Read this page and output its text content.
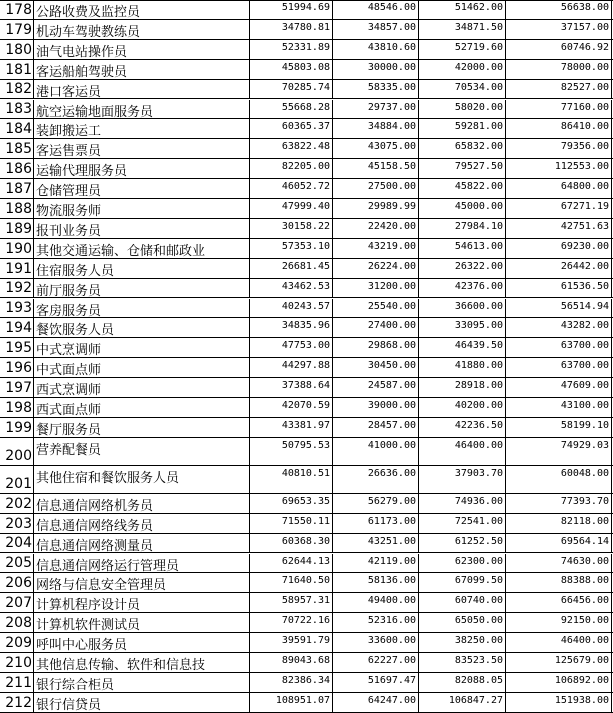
178 公路收费及监控员	51994.69	48546.00	51462.00	56638.00
179 机动车驾驶教练员	34780.81	34857.00	34871.50	37157.00
180 油气电站操作员	52331.89	43810.60	52719.60	60746.92
181 客运船舶驾驶员	45803.08	30000.00	42000.00	78000.00
182 港口客运员	70285.74	58335.00	70534.00	82527.00
183 航空运输地面服务员	55668.28	29737.00	58020.00	77160.00
184 装卸搬运工	60365.37	34884.00	59281.00	86410.00
185 客运售票员	63822.48	43075.00	65832.00	79356.00
186 运输代理服务员	82205.00	45158.50	79527.50	112553.00
187 仓储管理员	46052.72	27500.00	45822.00	64800.00
188 物流服务师	47999.40	29989.99	45000.00	67271.19
189 报刊业务员	30158.22	22420.00	27984.10	42751.63
190 其他交通运输、仓储和邮政业	57353.10	43219.00	54613.00	69230.00
191 住宿服务人员	26681.45	26224.00	26322.00	26442.00
192 前厅服务员	43462.53	31200.00	42376.00	61536.50
193 客房服务员	40243.57	25540.00	36600.00	56514.94
194 餐饮服务人员	34835.96	27400.00	33095.00	43282.00
195 中式烹调师	47753.00	29868.00	46439.50	63700.00
196 中式面点师	44297.88	30450.00	41880.00	63700.00
197 西式烹调师	37388.64	24587.00	28918.00	47609.00
198 西式面点师	42070.59	39000.00	40200.00	43100.00
199 餐厅服务员	43381.97	28457.00	42236.50	58199.10
200 营养配餐员	50795.53	41000.00	46400.00	74929.03
201 其他住宿和餐饮服务人员	40810.51	26636.00	37903.70	60048.00
202 信息通信网络机务员	69653.35	56279.00	74936.00	77393.70
203 信息通信网络线务员	71550.11	61173.00	72541.00	82118.00
204 信息通信网络测量员	60368.30	43251.00	61252.50	69564.14
205 信息通信网络运行管理员	62644.13	42119.00	62300.00	74630.00
206 网络与信息安全管理员	71640.50	58136.00	67099.50	88388.00
207 计算机程序设计员	58957.31	49400.00	60740.00	66456.00
208 计算机软件测试员	70722.16	52316.00	65050.00	92150.00
209 呼叫中心服务员	39591.79	33600.00	38250.00	46400.00
210 其他信息传输、软件和信息技	89043.68	62227.00	83523.50	125679.00
211 银行综合柜员	82386.34	51697.47	82088.05	106892.00
212 银行信贷员	108951.07	64247.00	106847.27	151938.00
